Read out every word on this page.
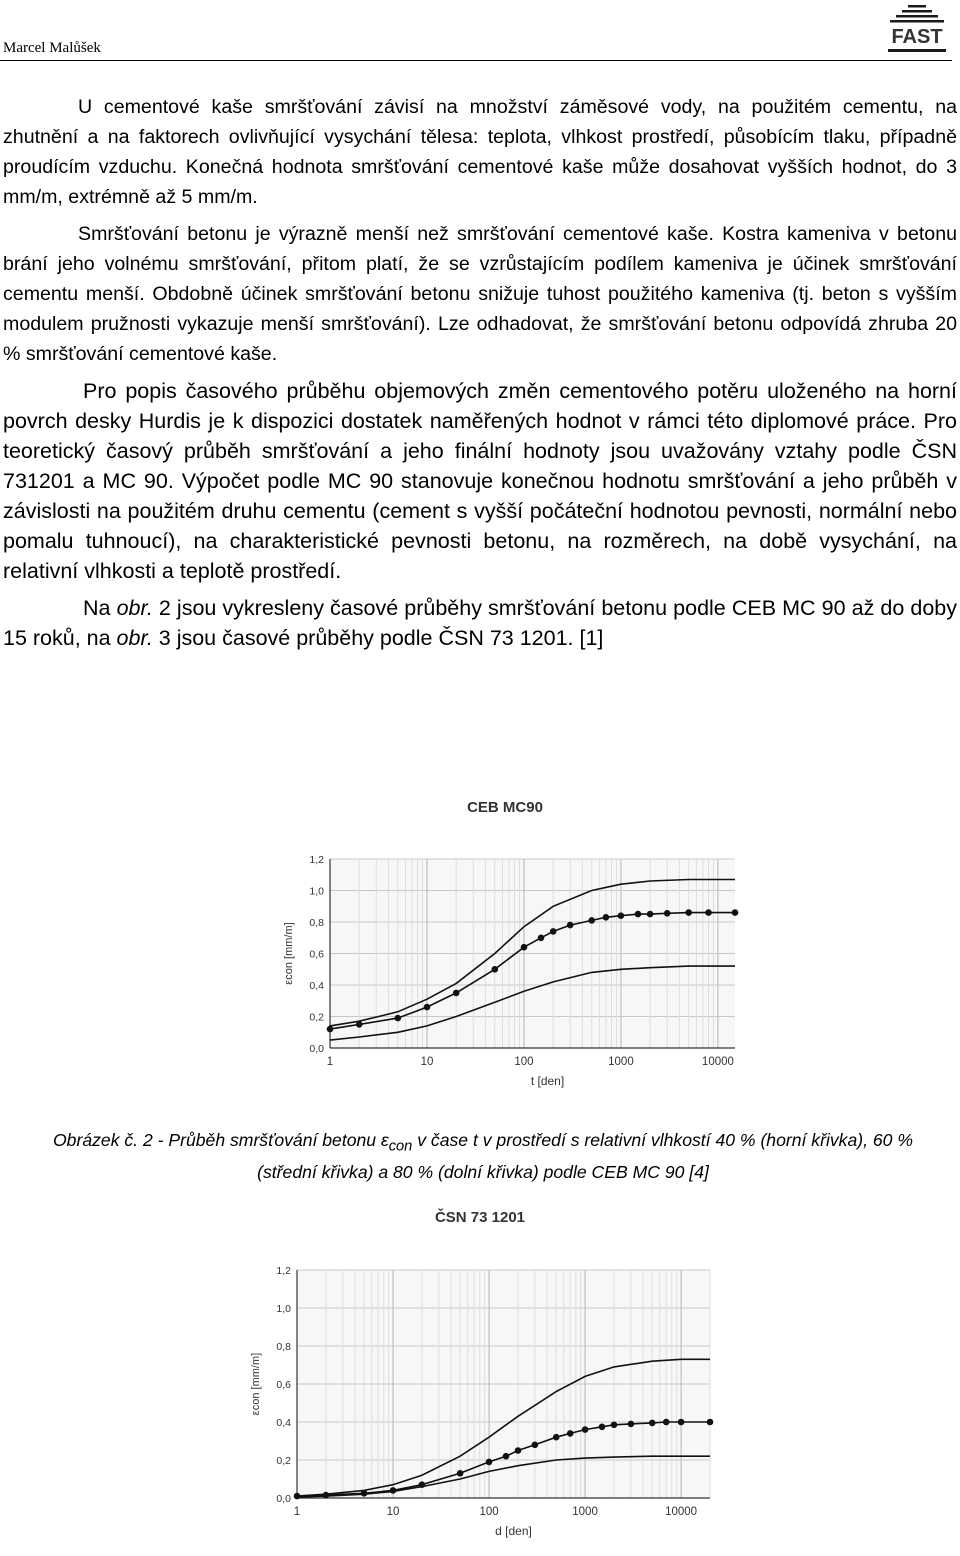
Marcel Malůšek	FAST

U cementové kaše smršťování závisí na množství záměsové vody, na použitém cementu, na zhutnění a na faktorech ovlivňující vysychání tělesa: teplota, vlhkost prostředí, působícím tlaku, případně proudícím vzduchu. Konečná hodnota smršťování cementové kaše může dosahovat vyšších hodnot, do 3 mm/m, extrémně až 5 mm/m.

Smršťování betonu je výrazně menší než smršťování cementové kaše. Kostra kameniva v betonu brání jeho volnému smršťování, přitom platí, že se vzrůstajícím podílem kameniva je účinek smršťování cementu menší. Obdobně účinek smršťování betonu snižuje tuhost použitého kameniva (tj. beton s vyšším modulem pružnosti vykazuje menší smršťování). Lze odhadovat, že smršťování betonu odpovídá zhruba 20 % smršťování cementové kaše.

Pro popis časového průběhu objemových změn cementového potěru uloženého na horní povrch desky Hurdis je k dispozici dostatek naměřených hodnot v rámci této diplomové práce. Pro teoretický časový průběh smršťování a jeho finální hodnoty jsou uvažovány vztahy podle ČSN 731201 a MC 90. Výpočet podle MC 90 stanovuje konečnou hodnotu smršťování a jeho průběh v závislosti na použitém druhu cementu (cement s vyšší počáteční hodnotou pevnosti, normální nebo pomalu tuhnoucí), na charakteristické pevnosti betonu, na rozměrech, na době vysychání, na relativní vlhkosti a teplotě prostředí.

Na obr. 2 jsou vykresleny časové průběhy smršťování betonu podle CEB MC 90 až do doby 15 roků, na obr. 3 jsou časové průběhy podle ČSN 73 1201. [1]

CEB MC90
0,0
0,2
0,4
0,6
0,8
1,0
1,2
1	10	100	1000	10000
t [den]
εcon [mm/m]
Obrázek č. 2 - Průběh smršťování betonu $\varepsilon_{con}$ v čase t v prostředí s relativní vlhkostí 40 % (horní křivka), 60 % (střední křivka) a 80 % (dolní křivka) podle CEB MC 90 [4]
ČSN 73 1201
0,0
0,2
0,4
0,6
0,8
1,0
1,2
1	10	100	1000	10000
d [den]
εcon [mm/m]
